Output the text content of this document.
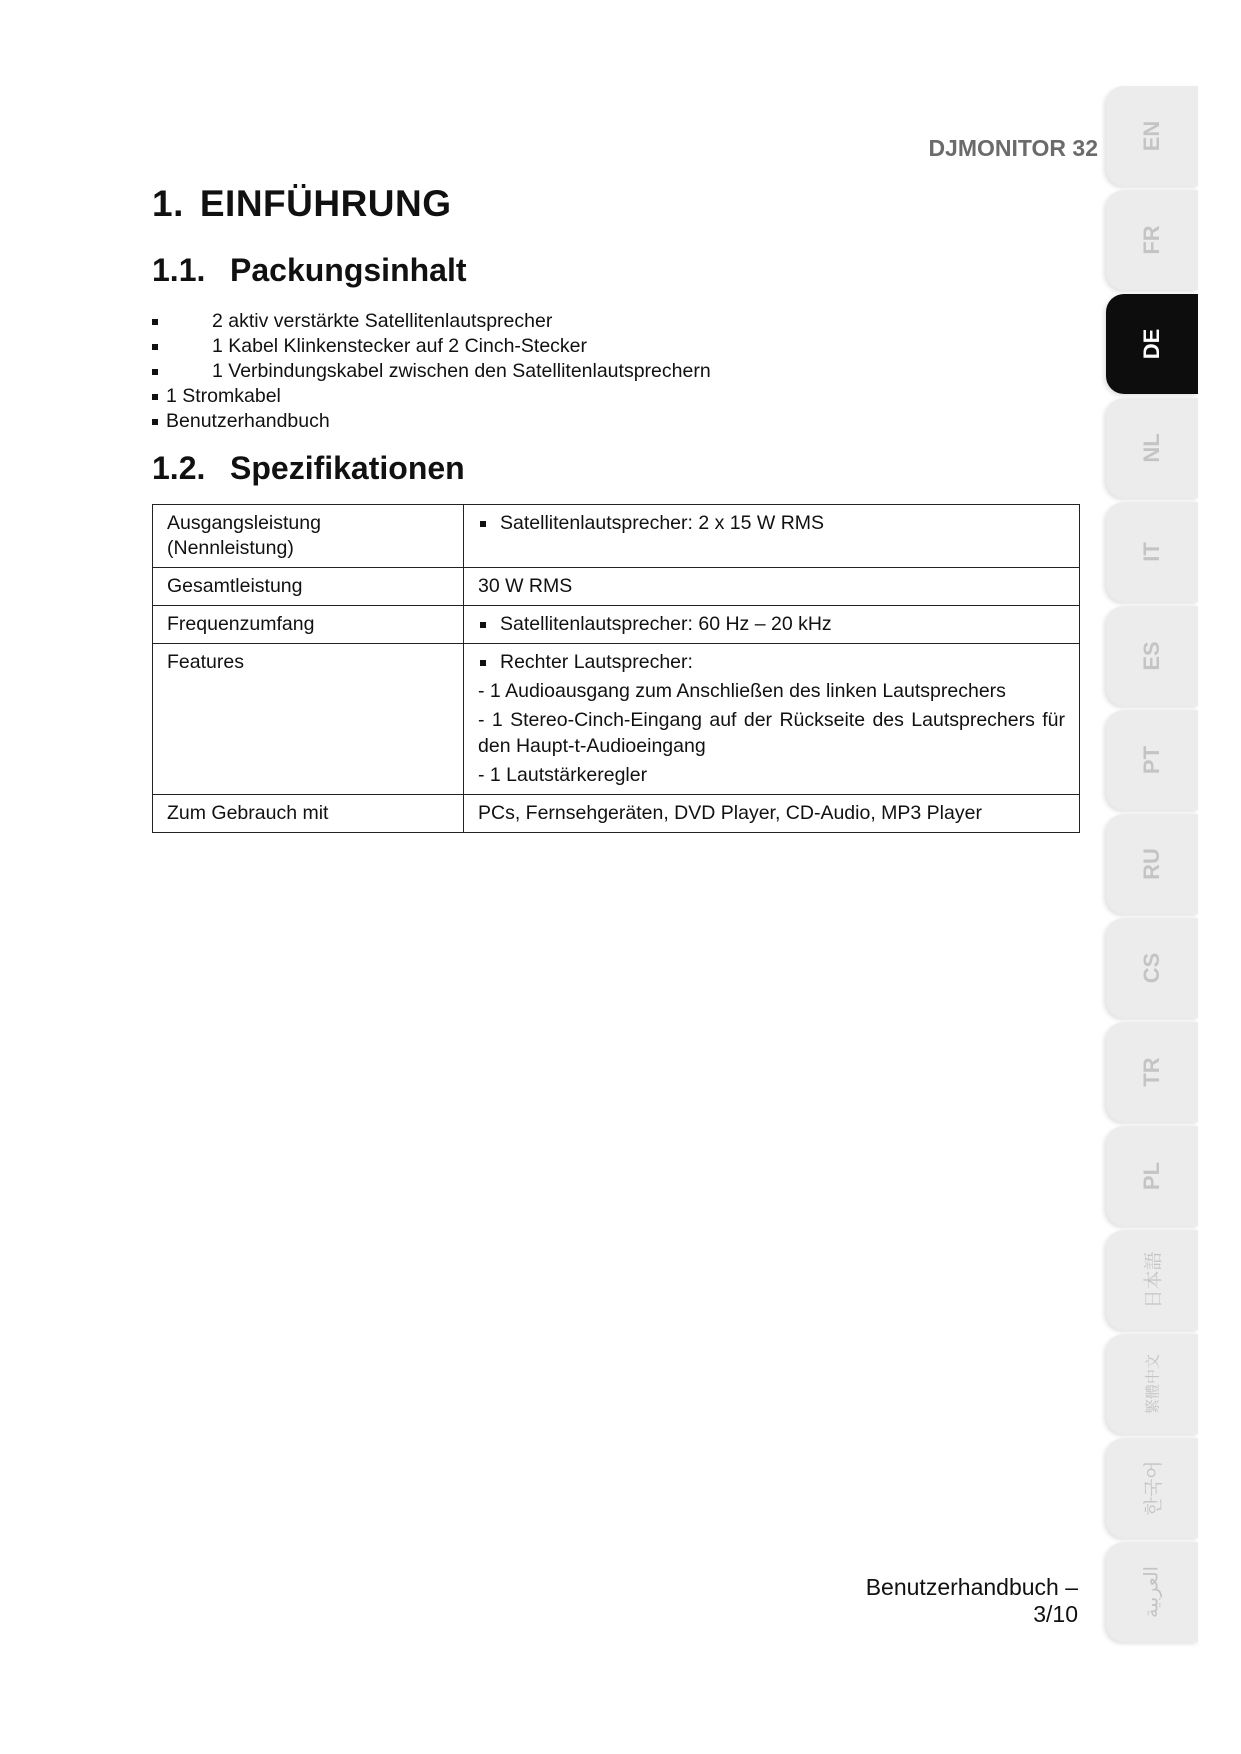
DJMONITOR 32
1. EINFÜHRUNG
1.1. Packungsinhalt
2 aktiv verstärkte Satellitenlautsprecher
1 Kabel Klinkenstecker auf 2 Cinch-Stecker
1 Verbindungskabel zwischen den Satellitenlautsprechern
1 Stromkabel
Benutzerhandbuch
1.2. Spezifikationen
Ausgangsleistung (Nennleistung)	Satellitenlautsprecher: 2 x 15 W RMS
Gesamtleistung	30 W RMS
Frequenzumfang	Satellitenlautsprecher: 60 Hz – 20 kHz
Features	Rechter Lautsprecher:
- 1 Audioausgang zum Anschließen des linken Lautsprechers
- 1 Stereo-Cinch-Eingang auf der Rückseite des Lautsprechers für den Haupt-t-Audioeingang
- 1 Lautstärkeregler

Zum Gebrauch mit	PCs, Fernsehgeräten, DVD Player, CD-Audio, MP3 Player
Benutzerhandbuch – 3/10
EN
FR
DE
NL
IT
ES
PT
RU
CS
TR
PL
日本語
繁體中文
한국어
العربية
